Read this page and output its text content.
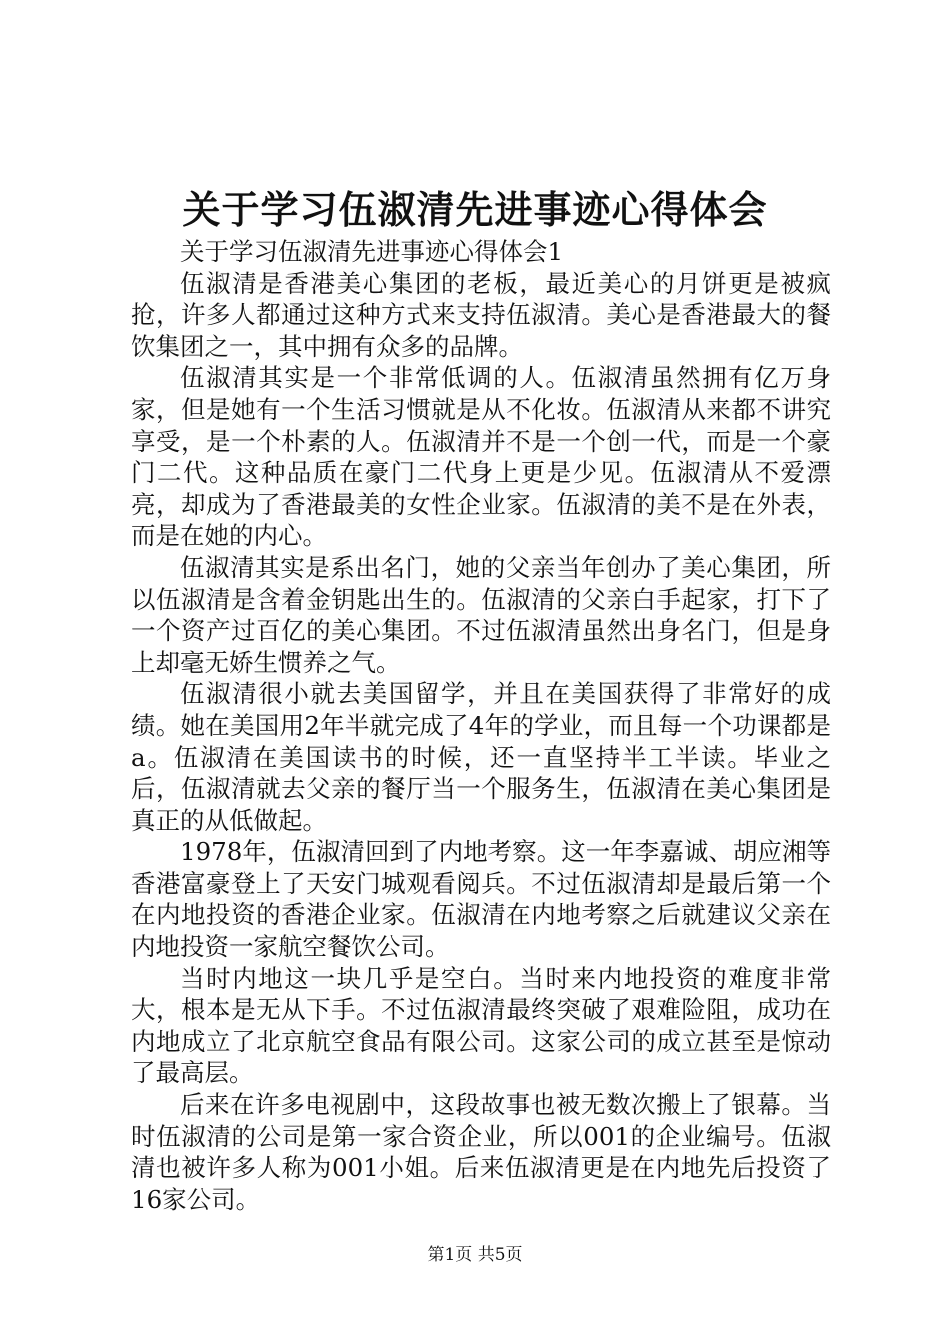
关于学习伍淑清先进事迹心得体会

关于学习伍淑清先进事迹心得体会1

伍淑清是香港美心集团的老板，最近美心的月饼更是被疯抢，许多人都通过这种方式来支持伍淑清。美心是香港最大的餐饮集团之一，其中拥有众多的品牌。

伍淑清其实是一个非常低调的人。伍淑清虽然拥有亿万身家，但是她有一个生活习惯就是从不化妆。伍淑清从来都不讲究享受，是一个朴素的人。伍淑清并不是一个创一代，而是一个豪门二代。这种品质在豪门二代身上更是少见。伍淑清从不爱漂亮，却成为了香港最美的女性企业家。伍淑清的美不是在外表，而是在她的内心。

伍淑清其实是系出名门，她的父亲当年创办了美心集团，所以伍淑清是含着金钥匙出生的。伍淑清的父亲白手起家，打下了一个资产过百亿的美心集团。不过伍淑清虽然出身名门，但是身上却毫无娇生惯养之气。

伍淑清很小就去美国留学，并且在美国获得了非常好的成绩。她在美国用2年半就完成了4年的学业，而且每一个功课都是a。伍淑清在美国读书的时候，还一直坚持半工半读。毕业之后，伍淑清就去父亲的餐厅当一个服务生，伍淑清在美心集团是真正的从低做起。

1978年，伍淑清回到了内地考察。这一年李嘉诚、胡应湘等香港富豪登上了天安门城观看阅兵。不过伍淑清却是最后第一个在内地投资的香港企业家。伍淑清在内地考察之后就建议父亲在内地投资一家航空餐饮公司。

当时内地这一块几乎是空白。当时来内地投资的难度非常大，根本是无从下手。不过伍淑清最终突破了艰难险阻，成功在内地成立了北京航空食品有限公司。这家公司的成立甚至是惊动了最高层。

后来在许多电视剧中，这段故事也被无数次搬上了银幕。当时伍淑清的公司是第一家合资企业，所以001的企业编号。伍淑清也被许多人称为001小姐。后来伍淑清更是在内地先后投资了16家公司。

第1页 共5页
